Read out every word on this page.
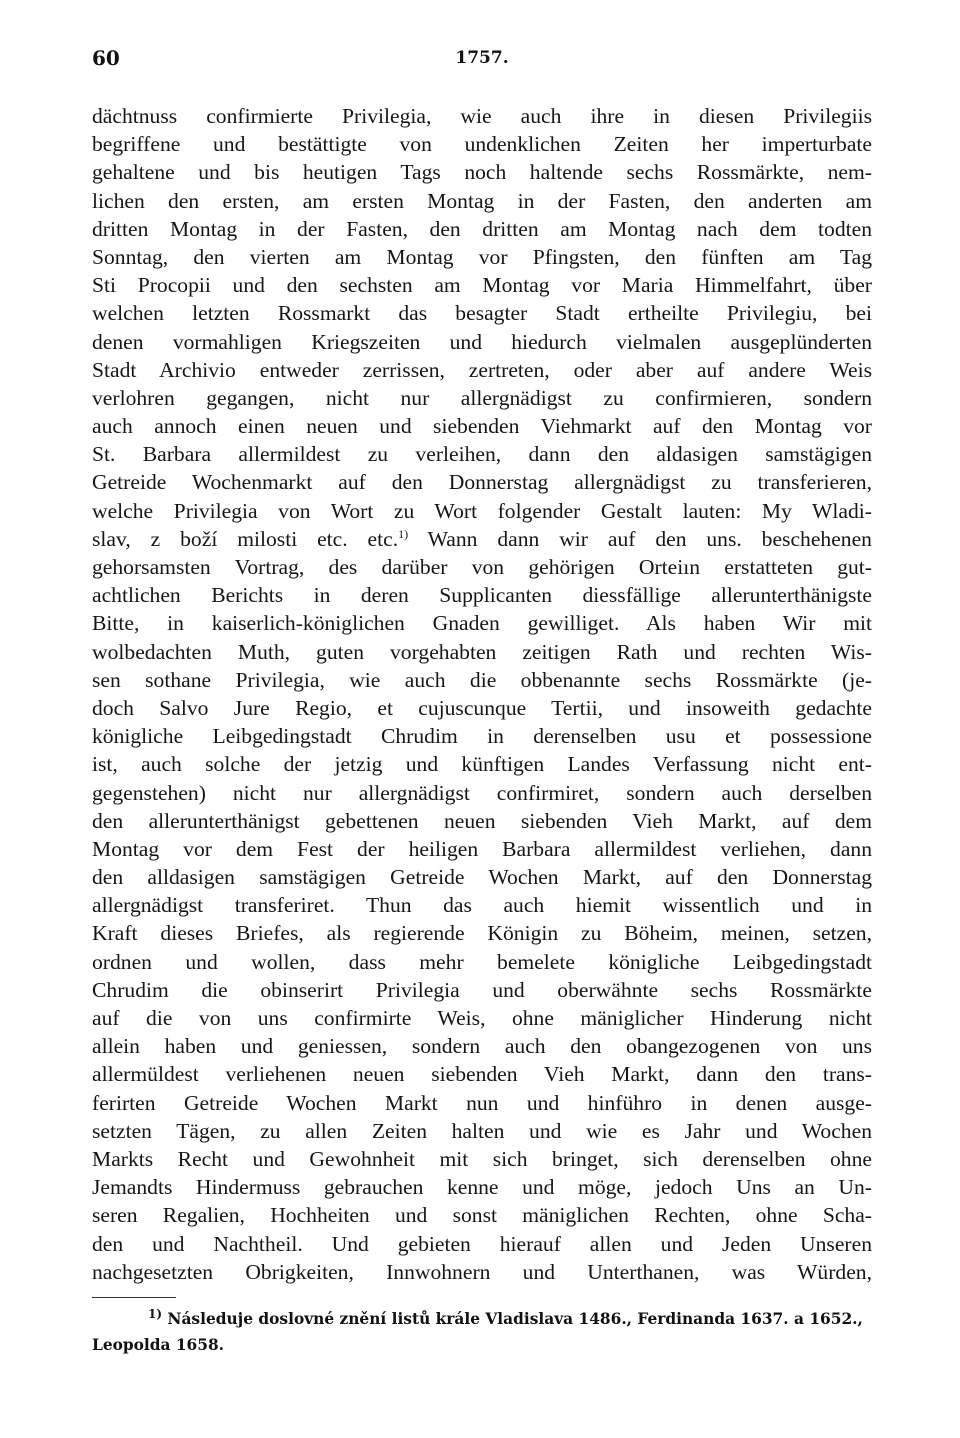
60	1757.
dächtnuss confirmierte Privilegia, wie auch ihre in diesen Privilegiis
begriffene und bestättigte von undenklichen Zeiten her imperturbate
gehaltene und bis heutigen Tags noch haltende sechs Rossmärkte, nem-
lichen den ersten, am ersten Montag in der Fasten, den anderten am
dritten Montag in der Fasten, den dritten am Montag nach dem todten
Sonntag, den vierten am Montag vor Pfingsten, den fünften am Tag
Sti Procopii und den sechsten am Montag vor Maria Himmelfahrt, über
welchen letzten Rossmarkt das besagter Stadt ertheilte Privilegiu, bei
denen vormahligen Kriegszeiten und hiedurch vielmalen ausgeplünderten
Stadt Archivio entweder zerrissen, zertreten, oder aber auf andere Weis
verlohren gegangen, nicht nur allergnädigst zu confirmieren, sondern
auch annoch einen neuen und siebenden Viehmarkt auf den Montag vor
St. Barbara allermildest zu verleihen, dann den aldasigen samstägigen
Getreide Wochenmarkt auf den Donnerstag allergnädigst zu transferieren,
welche Privilegia von Wort zu Wort folgender Gestalt lauten: My Wladi-
slav, z boží milosti etc. etc.$^{1)}$ Wann dann wir auf den uns. beschehenen
gehorsamsten Vortrag, des darüber von gehörigen Orteiın erstatteten gut-
achtlichen Berichts in deren Supplicanten diessfällige allerunterthänigste
Bitte, in kaiserlich-königlichen Gnaden gewilliget. Als haben Wir mit
wolbedachten Muth, guten vorgehabten zeitigen Rath und rechten Wis-
sen sothane Privilegia, wie auch die obbenannte sechs Rossmärkte (je-
doch Salvo Jure Regio, et cujuscunque Tertii, und insoweith gedachte
königliche Leibgedingstadt Chrudim in derenselben usu et possessione
ist, auch solche der jetzig und künftigen Landes Verfassung nicht ent-
gegenstehen) nicht nur allergnädigst confirmiret, sondern auch derselben
den allerunterthänigst gebettenen neuen siebenden Vieh Markt, auf dem
Montag vor dem Fest der heiligen Barbara allermildest verliehen, dann
den alldasigen samstägigen Getreide Wochen Markt, auf den Donnerstag
allergnädigst transferiret. Thun das auch hiemit wissentlich und in
Kraft dieses Briefes, als regierende Königin zu Böheim, meinen, setzen,
ordnen und wollen, dass mehr bemelete königliche Leibgedingstadt
Chrudim die obinserirt Privilegia und oberwähnte sechs Rossmärkte
auf die von uns confirmirte Weis, ohne mäniglicher Hinderung nicht
allein haben und geniessen, sondern auch den obangezogenen von uns
allermüldest verliehenen neuen siebenden Vieh Markt, dann den trans-
ferirten Getreide Wochen Markt nun und hinführo in denen ausge-
setzten Tägen, zu allen Zeiten halten und wie es Jahr und Wochen
Markts Recht und Gewohnheit mit sich bringet, sich derenselben ohne
Jemandts Hindermuss gebrauchen kenne und möge, jedoch Uns an Un-
seren Regalien, Hochheiten und sonst mäniglichen Rechten, ohne Scha-
den und Nachtheil. Und gebieten hierauf allen und Jeden Unseren
nachgesetzten Obrigkeiten, Innwohnern und Unterthanen, was Würden,
$^{1)}$ Následuje doslovné znění listů krále Vladislava 1486., Ferdinanda 1637. a 1652.,
Leopolda 1658.
